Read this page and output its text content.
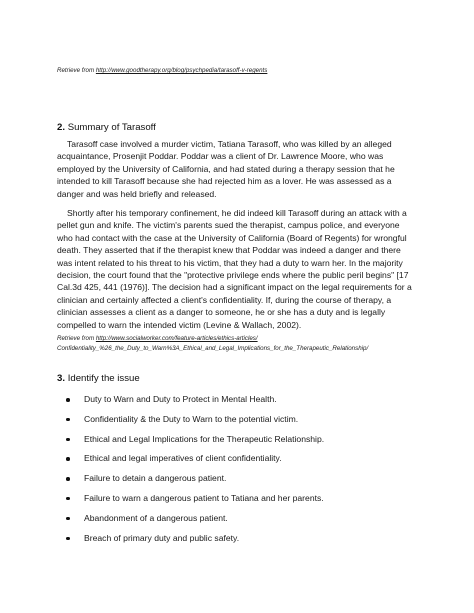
Retrieve from http://www.goodtherapy.org/blog/psychpedia/tarasoff-v-regents
2. Summary of Tarasoff

Tarasoff case involved a murder victim, Tatiana Tarasoff, who was killed by an alleged acquaintance, Prosenjit Poddar. Poddar was a client of Dr. Lawrence Moore, who was employed by the University of California, and had stated during a therapy session that he intended to kill Tarasoff because she had rejected him as a lover. He was assessed as a danger and was held briefly and released.

Shortly after his temporary confinement, he did indeed kill Tarasoff during an attack with a pellet gun and knife. The victim's parents sued the therapist, campus police, and everyone who had contact with the case at the University of California (Board of Regents) for wrongful death. They asserted that if the therapist knew that Poddar was indeed a danger and there was intent related to his threat to his victim, that they had a duty to warn her. In the majority decision, the court found that the "protective privilege ends where the public peril begins" [17 Cal.3d 425, 441 (1976)]. The decision had a significant impact on the legal requirements for a clinician and certainly affected a client's confidentiality. If, during the course of therapy, a clinician assesses a client as a danger to someone, he or she has a duty and is legally compelled to warn the intended victim (Levine & Wallach, 2002).

Retrieve from http://www.socialworker.com/feature-articles/ethics-articles/ Confidentiality_%26_the_Duty_to_Warn%3A_Ethical_and_Legal_Implications_for_the_Therapeutic_Relationship/
3. Identify the issue
Duty to Warn and Duty to Protect in Mental Health.
Confidentiality & the Duty to Warn to the potential victim.
Ethical and Legal Implications for the Therapeutic Relationship.
Ethical and legal imperatives of client confidentiality.
Failure to detain a dangerous patient.
Failure to warn a dangerous patient to Tatiana and her parents.
Abandonment of a dangerous patient.
Breach of primary duty and public safety.
